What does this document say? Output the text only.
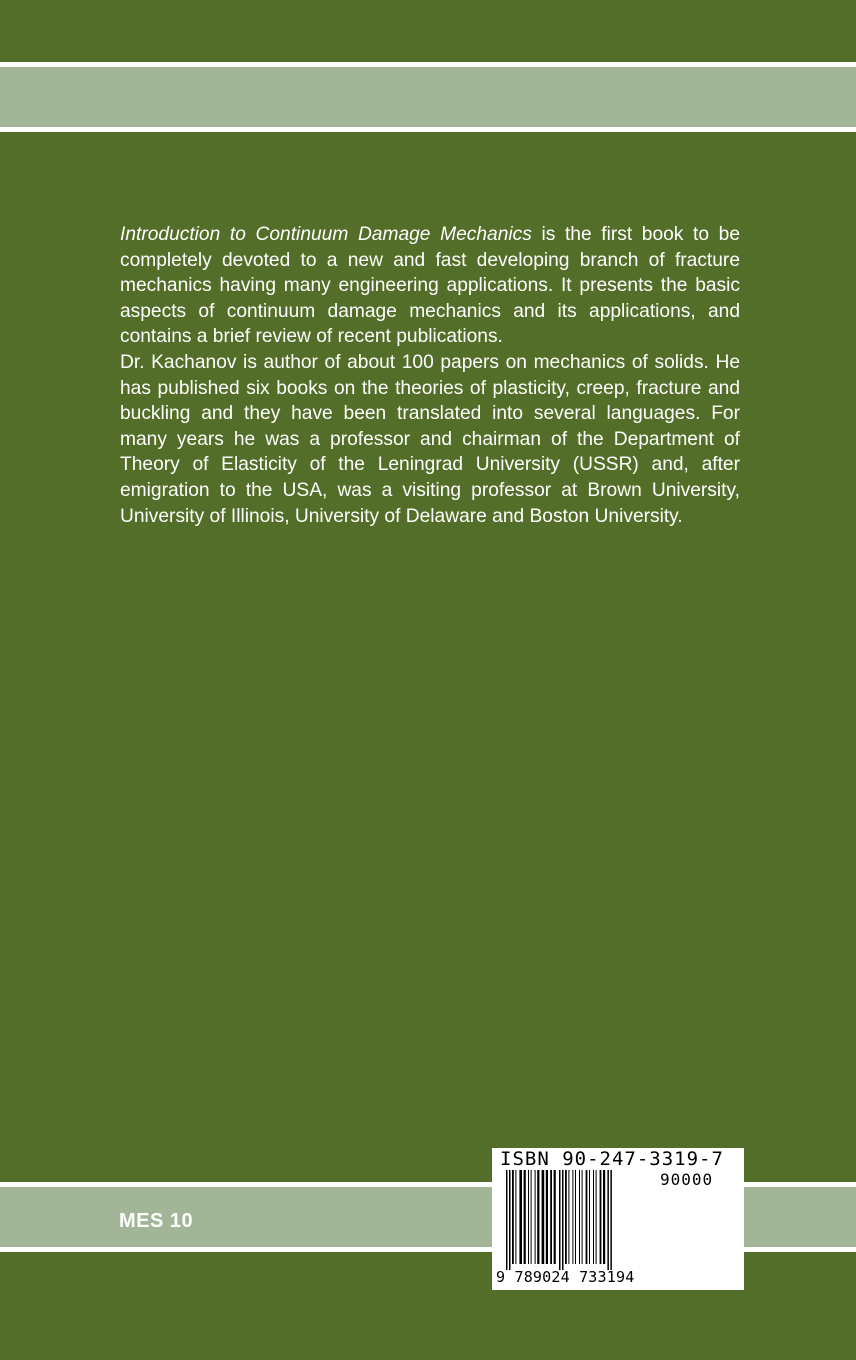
Introduction to Continuum Damage Mechanics is the first book to be completely devoted to a new and fast developing branch of fracture mechanics having many engineering applications. It presents the basic aspects of continuum damage mechanics and its applications, and contains a brief review of recent publications.

Dr. Kachanov is author of about 100 papers on mechanics of solids. He has published six books on the theories of plasticity, creep, fracture and buckling and they have been translated into several languages. For many years he was a professor and chairman of the Department of Theory of Elasticity of the Leningrad University (USSR) and, after emigration to the USA, was a visiting professor at Brown University, University of Illinois, University of Delaware and Boston University.

MES 10
ISBN 90-247-3319-7
90000
9 789024 733194
